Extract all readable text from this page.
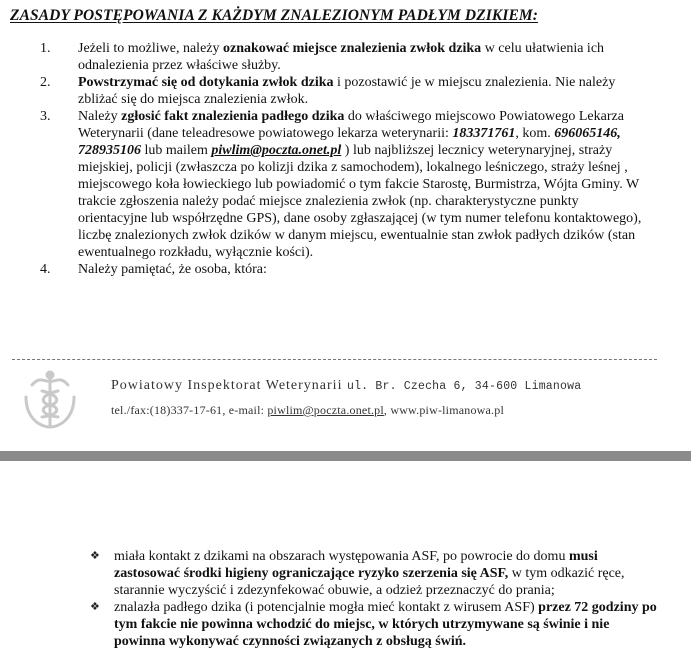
ZASADY POSTĘPOWANIA Z KAŻDYM ZNALEZIONYM PADŁYM DZIKIEM:
1. Jeżeli to możliwe, należy oznakować miejsce znalezienia zwłok dzika w celu ułatwienia ich odnalezienia przez właściwe służby.
2. Powstrzymać się od dotykania zwłok dzika i pozostawić je w miejscu znalezienia. Nie należy zbliżać się do miejsca znalezienia zwłok.
3. Należy zgłosić fakt znalezienia padłego dzika do właściwego miejscowo Powiatowego Lekarza Weterynarii (dane teleadresowe powiatowego lekarza weterynarii: 183371761, kom. 696065146, 728935106 lub mailem piwlim@poczta.onet.pl ) lub najbliższej lecznicy weterynaryjnej, straży miejskiej, policji (zwłaszcza po kolizji dzika z samochodem), lokalnego leśniczego, straży leśnej , miejscowego koła łowieckiego lub powiadomić o tym fakcie Starostę, Burmistrza, Wójta Gminy. W trakcie zgłoszenia należy podać miejsce znalezienia zwłok (np. charakterystyczne punkty orientacyjne lub współrzędne GPS), dane osoby zgłaszającej (w tym numer telefonu kontaktowego), liczbę znalezionych zwłok dzików w danym miejscu, ewentualnie stan zwłok padłych dzików (stan ewentualnego rozkładu, wyłącznie kości).
4. Należy pamiętać, że osoba, która:
Powiatowy Inspektorat Weterynarii ul. Br. Czecha 6, 34-600 Limanowa
tel./fax:(18)337-17-61, e-mail: piwlim@poczta.onet.pl, www.piw-limanowa.pl
❖ miała kontakt z dzikami na obszarach występowania ASF, po powrocie do domu musi zastosować środki higieny ograniczające ryzyko szerzenia się ASF, w tym odkazić ręce, starannie wyczyścić i zdezynfekować obuwie, a odzież przeznaczyć do prania;
❖ znalazła padłego dzika (i potencjalnie mogła mieć kontakt z wirusem ASF) przez 72 godziny po tym fakcie nie powinna wchodzić do miejsc, w których utrzymywane są świnie i nie powinna wykonywać czynności związanych z obsługą świń.
